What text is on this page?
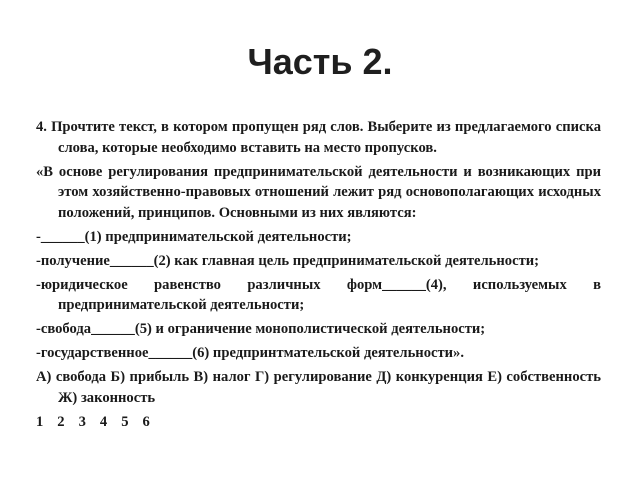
Часть 2.

4. Прочтите текст, в котором пропущен ряд слов. Выберите из предлагаемого списка слова, которые необходимо вставить на место пропусков.

«В основе регулирования предпринимательской деятельности и возникающих при этом хозяйственно-правовых отношений лежит ряд основополагающих исходных положений, принципов. Основными из них являются:

-______(1) предпринимательской деятельности;

-получение______(2) как главная цель предпринимательской деятельности;

-юридическое равенство различных форм______(4), используемых в предпринимательской деятельности;

-свобода______(5) и ограничение монополистической деятельности;

-государственное______(6) предпринтмательской деятельности».

А) свобода Б) прибыль В) налог Г) регулирование Д) конкуренция Е) собственность Ж) законность

1 2 3 4 5 6
